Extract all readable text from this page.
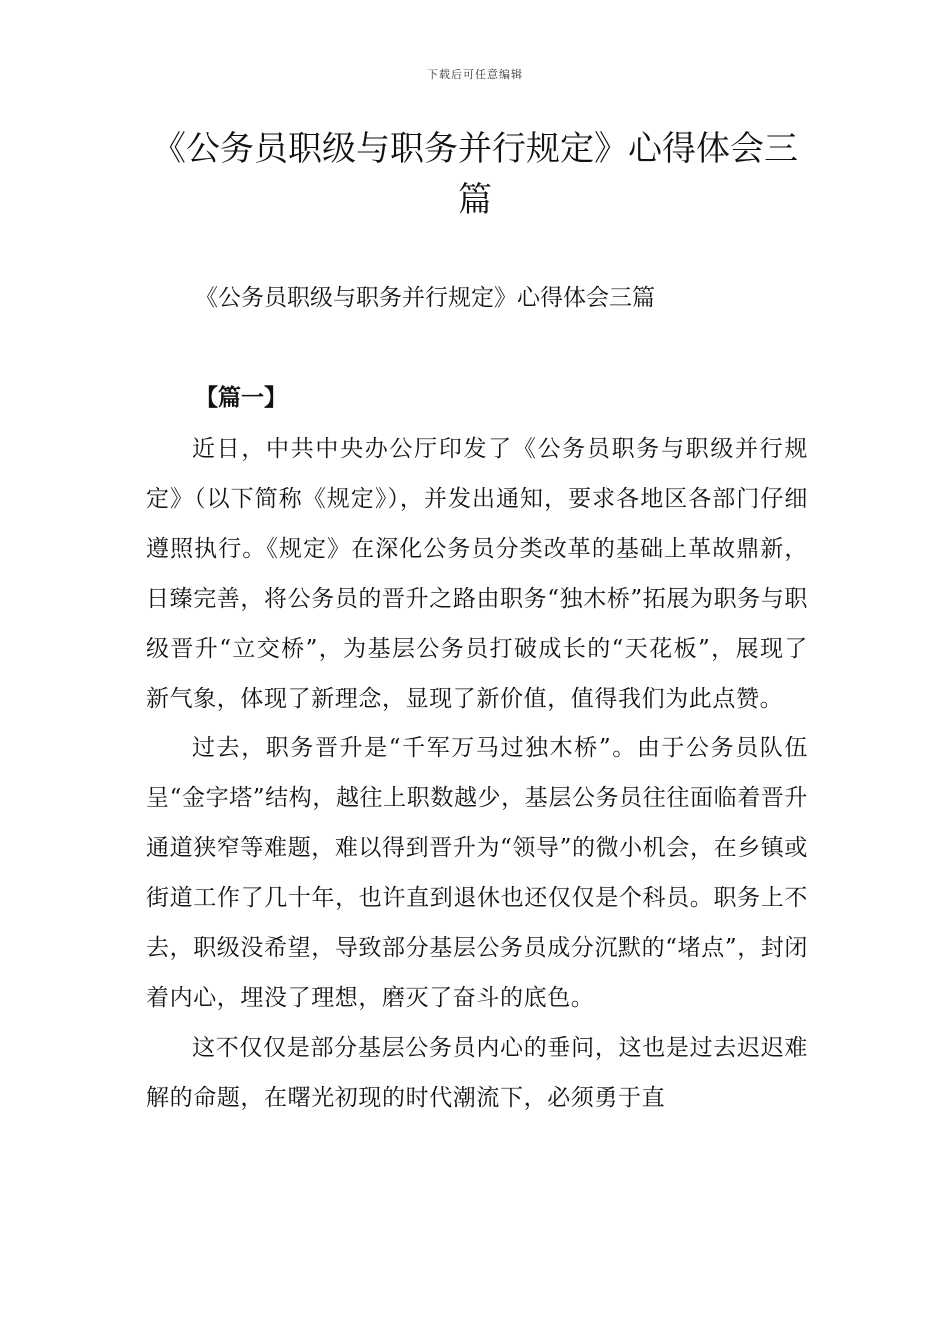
下载后可任意编辑
《公务员职级与职务并行规定》心得体会三篇
《公务员职级与职务并行规定》心得体会三篇
【篇一】

近日，中共中央办公厅印发了《公务员职务与职级并行规定》（以下简称《规定》），并发出通知，要求各地区各部门仔细遵照执行。《规定》在深化公务员分类改革的基础上革故鼎新，日臻完善，将公务员的晋升之路由职务“独木桥”拓展为职务与职级晋升“立交桥”，为基层公务员打破成长的“天花板”，展现了新气象，体现了新理念，显现了新价值，值得我们为此点赞。

过去，职务晋升是“千军万马过独木桥”。由于公务员队伍呈“金字塔”结构，越往上职数越少，基层公务员往往面临着晋升通道狭窄等难题，难以得到晋升为“领导”的微小机会，在乡镇或街道工作了几十年，也许直到退休也还仅仅是个科员。职务上不去，职级没希望，导致部分基层公务员成分沉默的“堵点”，封闭着内心，埋没了理想，磨灭了奋斗的底色。

这不仅仅是部分基层公务员内心的垂问，这也是过去迟迟难解的命题，在曙光初现的时代潮流下，必须勇于直
